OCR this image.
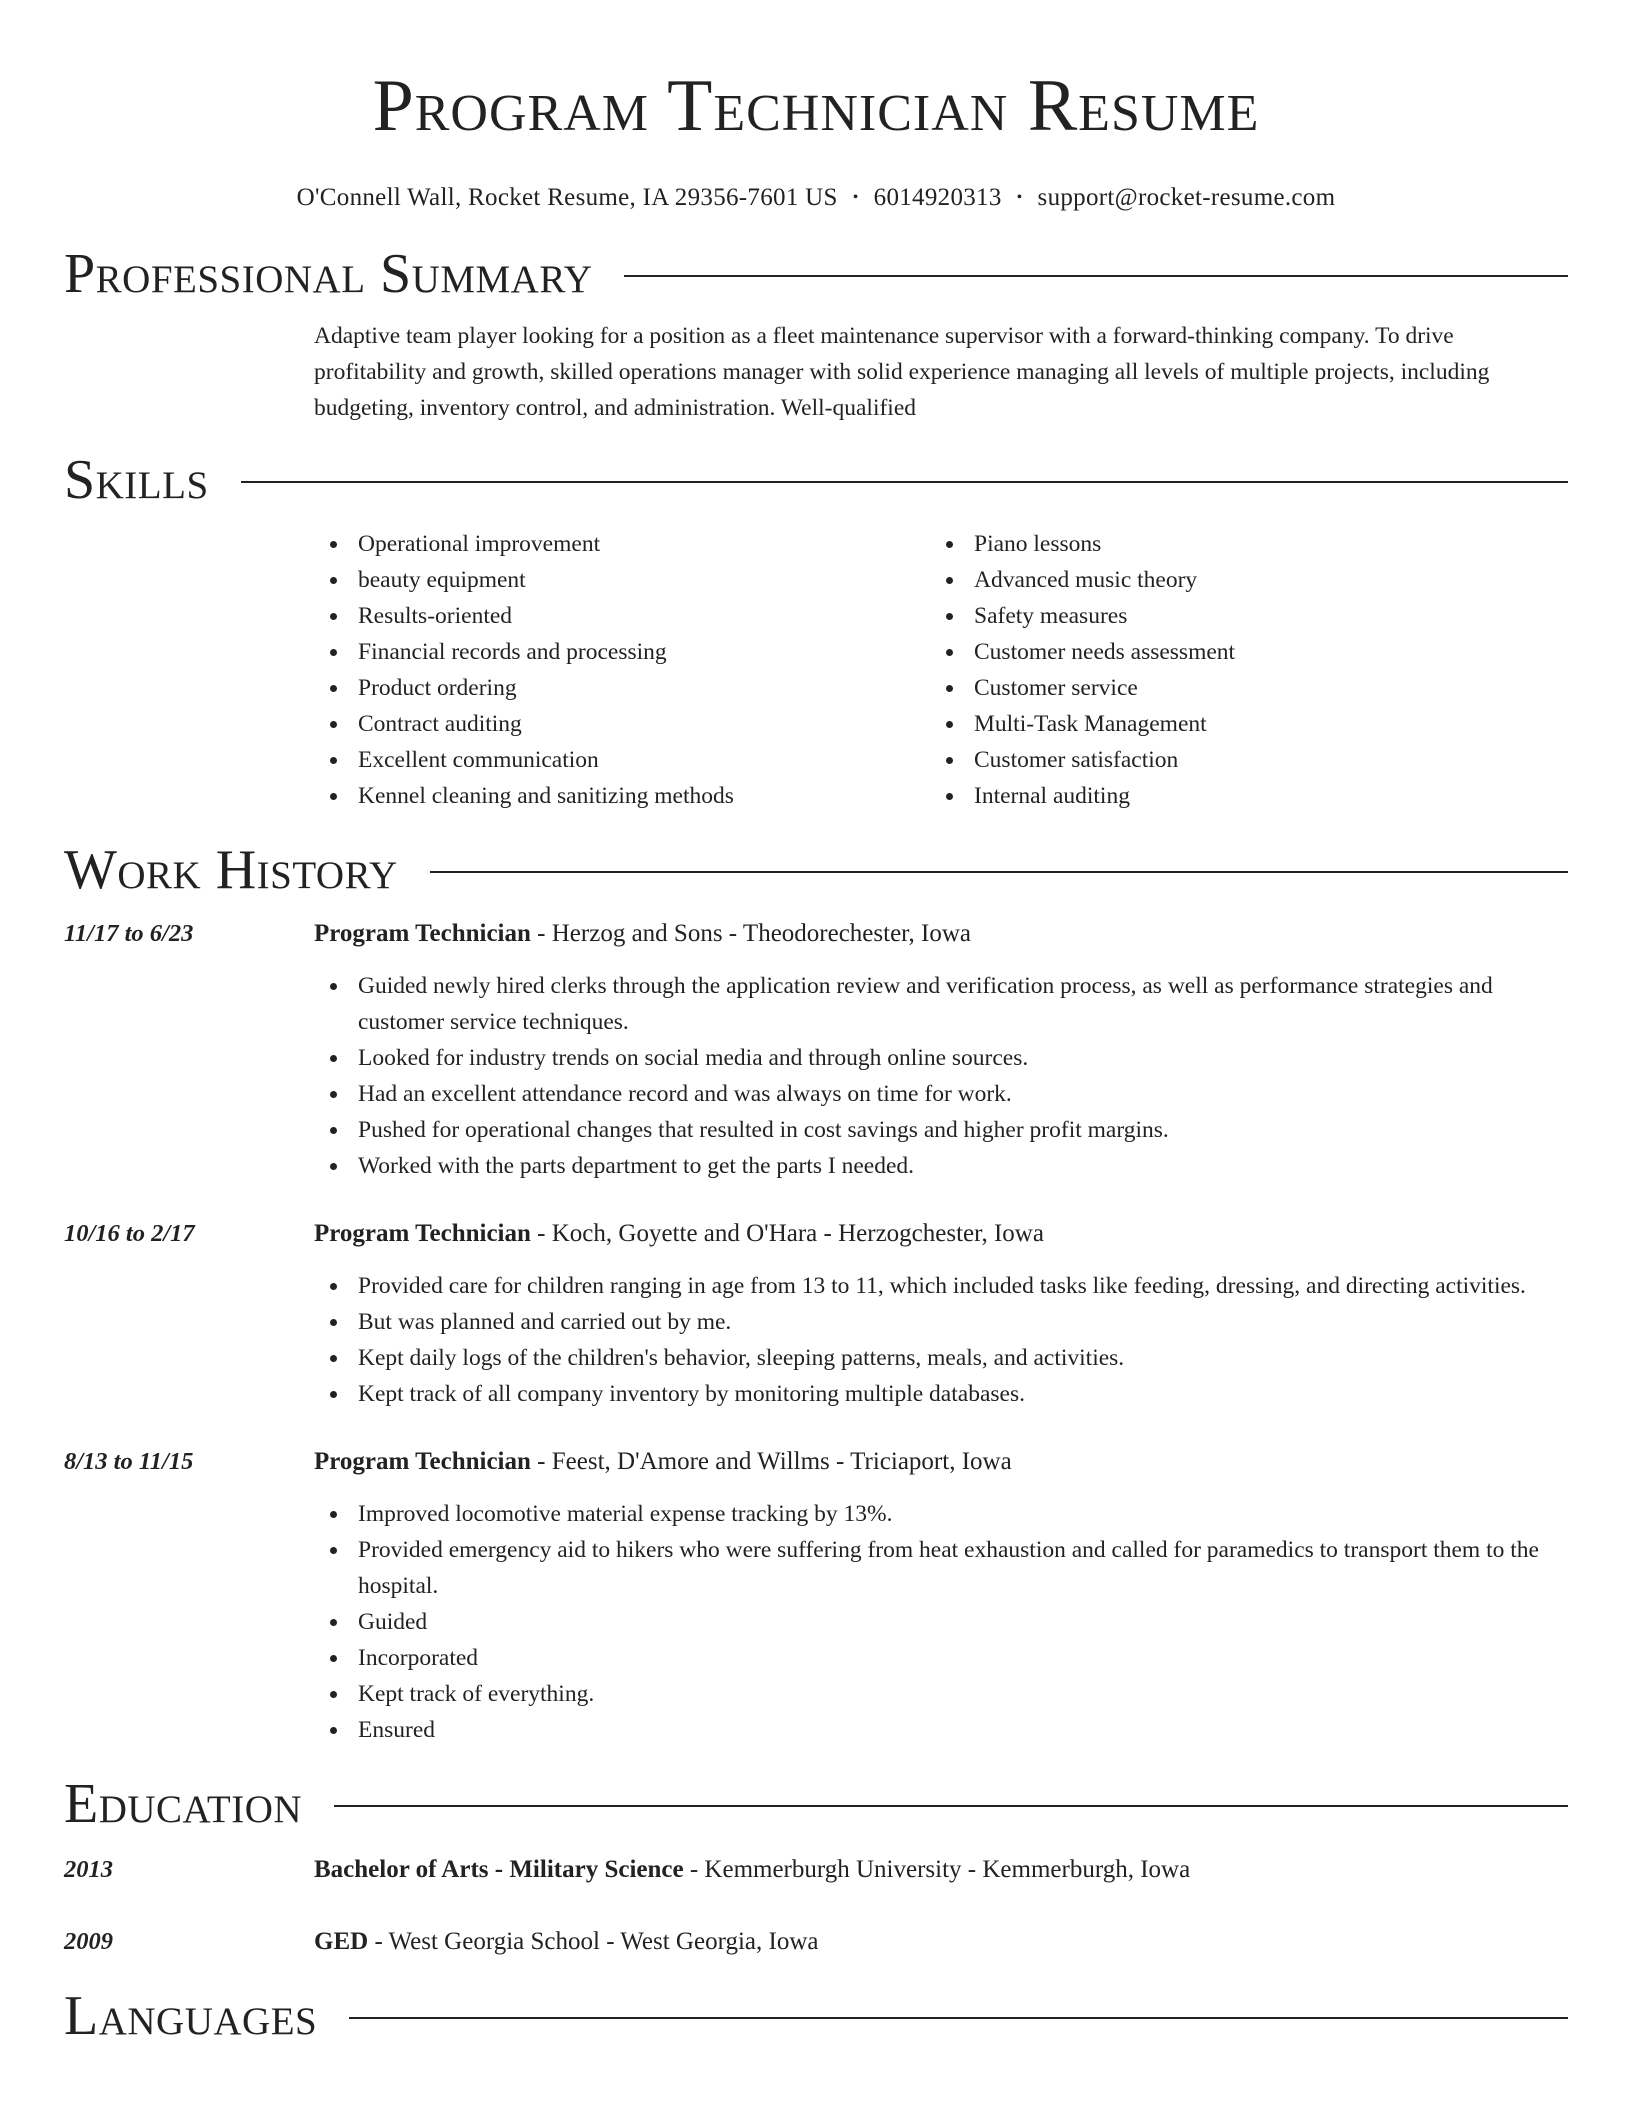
Program Technician Resume
O'Connell Wall, Rocket Resume, IA 29356-7601 US • 6014920313 • support@rocket-resume.com
Professional Summary

Adaptive team player looking for a position as a fleet maintenance supervisor with a forward-thinking company. To drive profitability and growth, skilled operations manager with solid experience managing all levels of multiple projects, including budgeting, inventory control, and administration. Well-qualified

Skills
Operational improvement
beauty equipment
Results-oriented
Financial records and processing
Product ordering
Contract auditing
Excellent communication
Kennel cleaning and sanitizing methods
Piano lessons
Advanced music theory
Safety measures
Customer needs assessment
Customer service
Multi-Task Management
Customer satisfaction
Internal auditing
Work History
11/17 to 6/23	Program Technician - Herzog and Sons - Theodorechester, Iowa
Guided newly hired clerks through the application review and verification process, as well as performance strategies and customer service techniques.
Looked for industry trends on social media and through online sources.
Had an excellent attendance record and was always on time for work.
Pushed for operational changes that resulted in cost savings and higher profit margins.
Worked with the parts department to get the parts I needed.
10/16 to 2/17	Program Technician - Koch, Goyette and O'Hara - Herzogchester, Iowa
Provided care for children ranging in age from 13 to 11, which included tasks like feeding, dressing, and directing activities.
But was planned and carried out by me.
Kept daily logs of the children's behavior, sleeping patterns, meals, and activities.
Kept track of all company inventory by monitoring multiple databases.
8/13 to 11/15	Program Technician - Feest, D'Amore and Willms - Triciaport, Iowa
Improved locomotive material expense tracking by 13%.
Provided emergency aid to hikers who were suffering from heat exhaustion and called for paramedics to transport them to the hospital.
Guided
Incorporated
Kept track of everything.
Ensured
Education
2013	Bachelor of Arts - Military Science - Kemmerburgh University - Kemmerburgh, Iowa
2009	GED - West Georgia School - West Georgia, Iowa
Languages
